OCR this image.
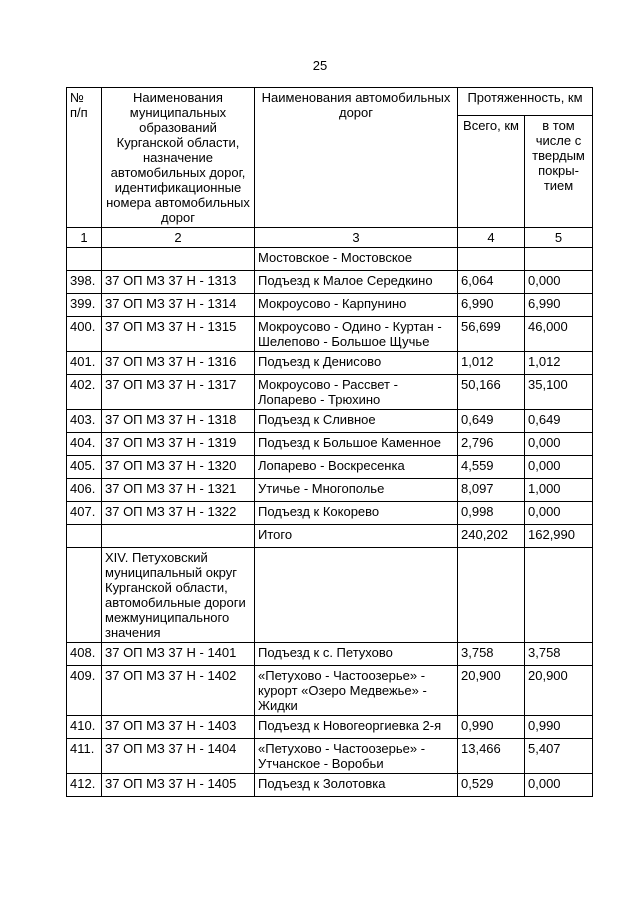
25
№ п/п	Наименования муниципальных образований Курганской области, назначение автомобильных дорог, идентификационные номера автомобильных дорог	Наименования автомобильных дорог	Протяженность, км	
			Всего, км	в том числе с твердым покры-тием
1	2	3	4	5
		Мостовское - Мостовское		
398.	37 ОП МЗ 37 Н - 1313	Подъезд к Малое Середкино	6,064	0,000
399.	37 ОП МЗ 37 Н - 1314	Мокроусово - Карпунино	6,990	6,990
400.	37 ОП МЗ 37 Н - 1315	Мокроусово - Одино - Куртан - Шелепово - Большое Щучье	56,699	46,000
401.	37 ОП МЗ 37 Н - 1316	Подъезд к Денисово	1,012	1,012
402.	37 ОП МЗ 37 Н - 1317	Мокроусово - Рассвет - Лопарево - Трюхино	50,166	35,100
403.	37 ОП МЗ 37 Н - 1318	Подъезд к Сливное	0,649	0,649
404.	37 ОП МЗ 37 Н - 1319	Подъезд к Большое Каменное	2,796	0,000
405.	37 ОП МЗ 37 Н - 1320	Лопарево - Воскресенка	4,559	0,000
406.	37 ОП МЗ 37 Н - 1321	Утичье - Многополье	8,097	1,000
407.	37 ОП МЗ 37 Н - 1322	Подъезд к Кокорево	0,998	0,000
		Итого	240,202	162,990
	XIV. Петуховский муниципальный округ Курганской области, автомобильные дороги межмуниципального значения			
408.	37 ОП МЗ 37 Н - 1401	Подъезд к с. Петухово	3,758	3,758
409.	37 ОП МЗ 37 Н - 1402	«Петухово - Частоозерье» - курорт «Озеро Медвежье» - Жидки	20,900	20,900
410.	37 ОП МЗ 37 Н - 1403	Подъезд к Новогеоргиевка 2-я	0,990	0,990
411.	37 ОП МЗ 37 Н - 1404	«Петухово - Частоозерье» - Утчанское - Воробьи	13,466	5,407
412.	37 ОП МЗ 37 Н - 1405	Подъезд к Золотовка	0,529	0,000
